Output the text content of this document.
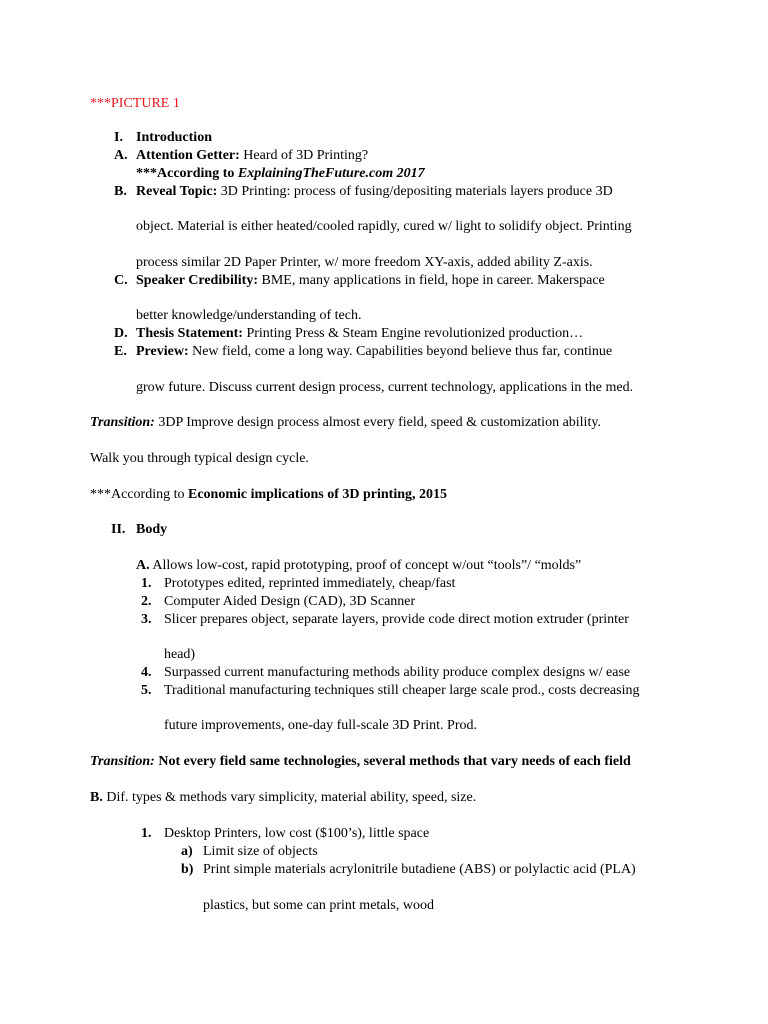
***PICTURE 1
I. Introduction
A. Attention Getter: Heard of 3D Printing?
***According to ExplainingTheFuture.com 2017
B. Reveal Topic: 3D Printing: process of fusing/depositing materials layers produce 3D
object. Material is either heated/cooled rapidly, cured w/ light to solidify object. Printing
process similar 2D Paper Printer, w/ more freedom XY-axis, added ability Z-axis.
C. Speaker Credibility: BME, many applications in field, hope in career. Makerspace
better knowledge/understanding of tech.
D. Thesis Statement: Printing Press & Steam Engine revolutionized production…
E. Preview: New field, come a long way. Capabilities beyond believe thus far, continue
grow future. Discuss current design process, current technology, applications in the med.
Transition: 3DP Improve design process almost every field, speed & customization ability.
Walk you through typical design cycle.
***According to Economic implications of 3D printing, 2015
II. Body
A. Allows low-cost, rapid prototyping, proof of concept w/out “tools”/ “molds”
1. Prototypes edited, reprinted immediately, cheap/fast
2. Computer Aided Design (CAD), 3D Scanner
3. Slicer prepares object, separate layers, provide code direct motion extruder (printer
head)
4. Surpassed current manufacturing methods ability produce complex designs w/ ease
5. Traditional manufacturing techniques still cheaper large scale prod., costs decreasing
future improvements, one-day full-scale 3D Print. Prod.
Transition: Not every field same technologies, several methods that vary needs of each field
B. Dif. types & methods vary simplicity, material ability, speed, size.
1. Desktop Printers, low cost ($100’s), little space
a) Limit size of objects
b) Print simple materials acrylonitrile butadiene (ABS) or polylactic acid (PLA)
plastics, but some can print metals, wood
